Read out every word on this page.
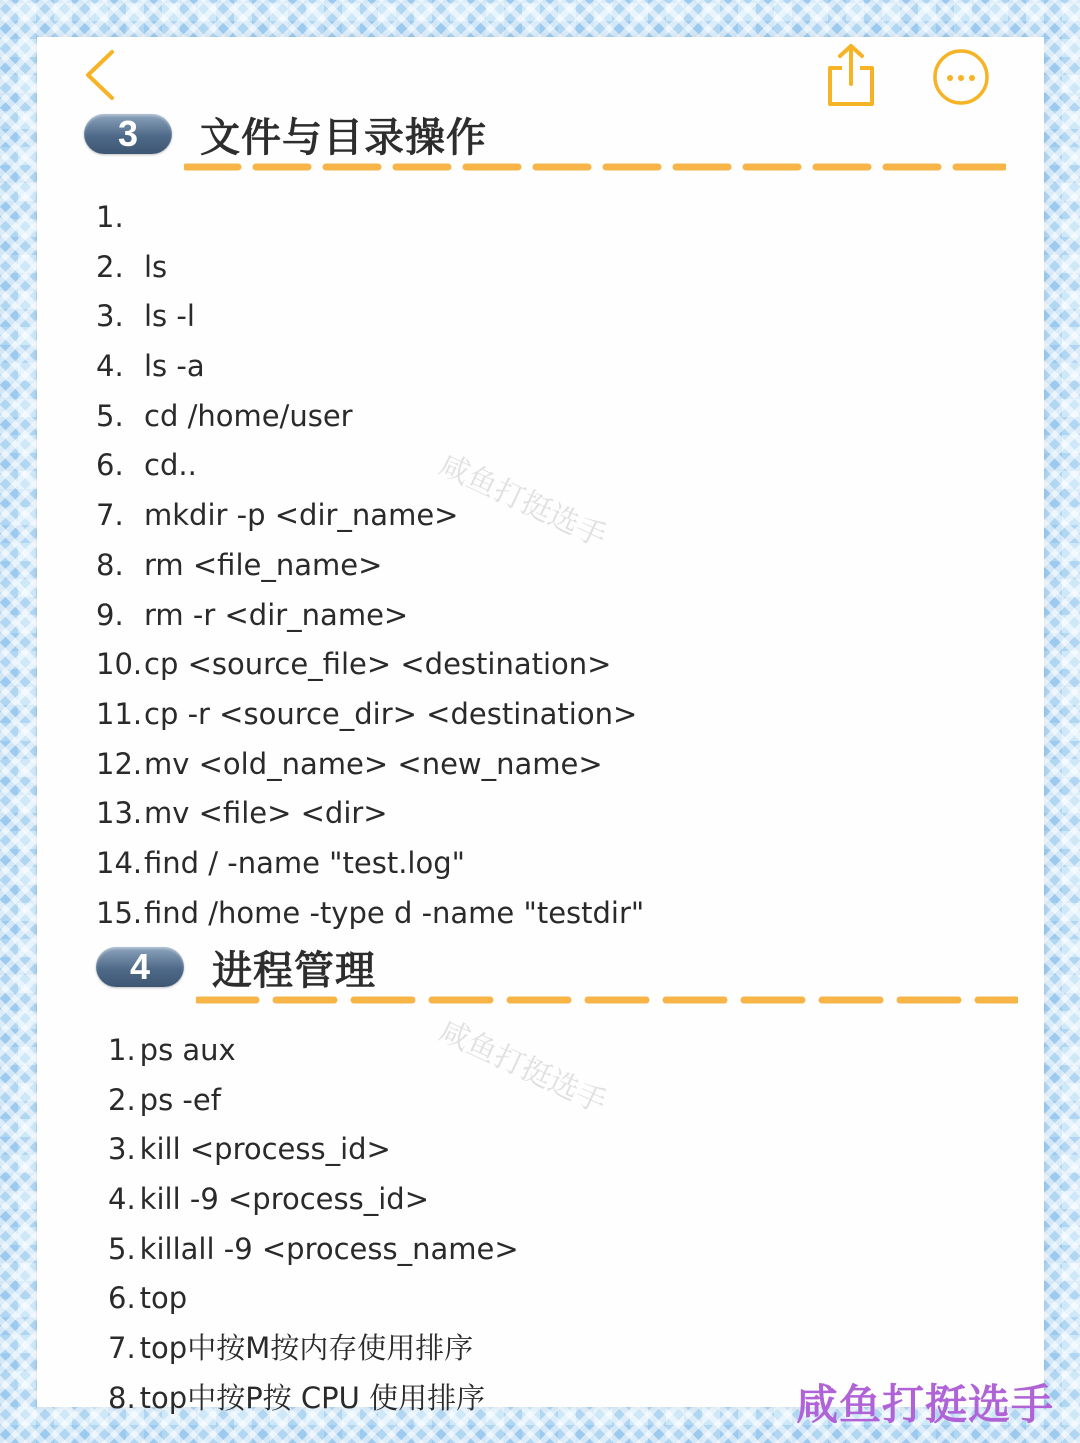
3	文件与目录操作
1.
2. ls
3. ls -l
4. ls -a
5. cd /home/user
6. cd..
7. mkdir -p <dir_name>
8. rm <file_name>
9. rm -r <dir_name>
10.cp <source_file> <destination>
11.cp -r <source_dir> <destination>
12.mv <old_name> <new_name>
13.mv <file> <dir>
14.find / -name "test.log"
15.find /home -type d -name "testdir"
4	进程管理
1. ps aux
2. ps -ef
3. kill <process_id>
4. kill -9 <process_id>
5. killall -9 <process_name>
6. top
7. top中按M按内存使用排序
8. top中按P按 CPU 使用排序
咸鱼打挺选手
咸鱼打挺选手
咸鱼打挺选手
